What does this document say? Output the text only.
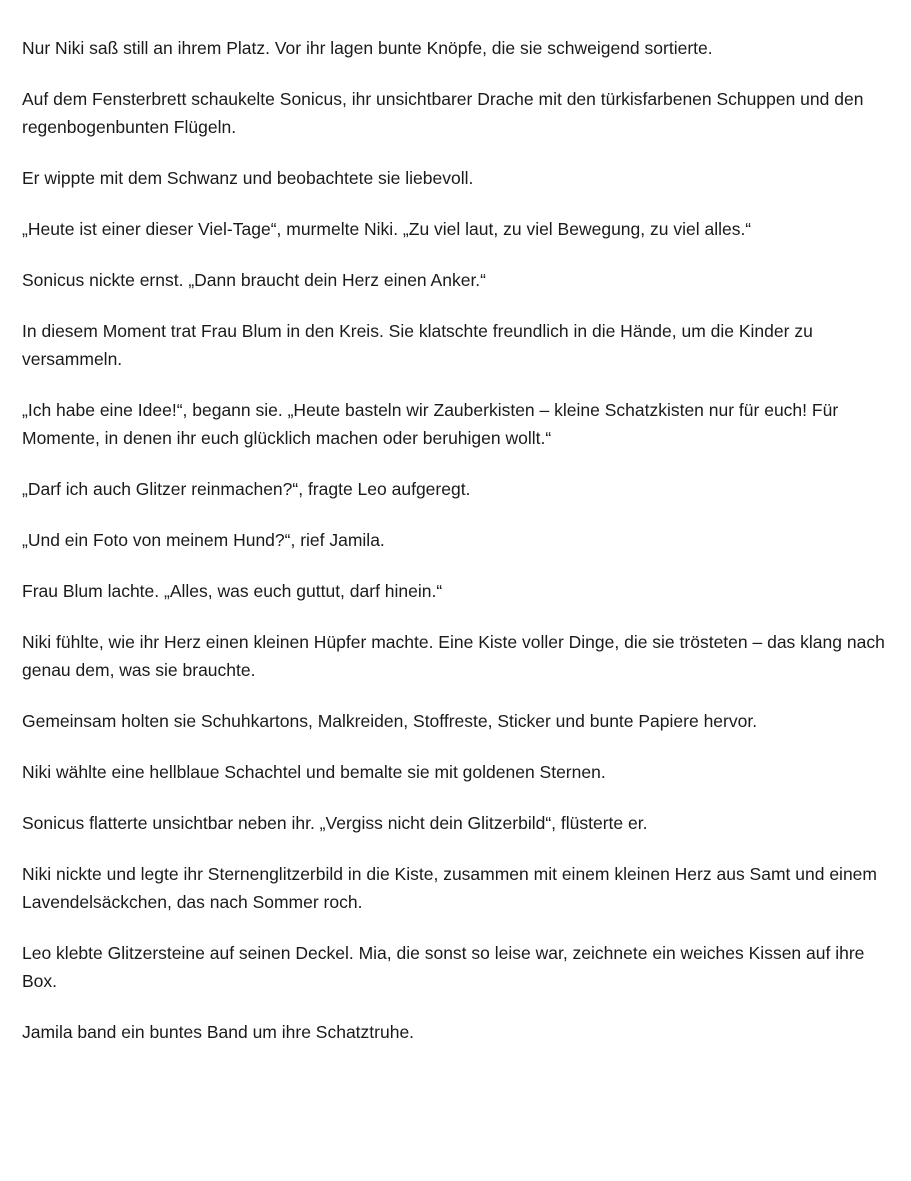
Nur Niki saß still an ihrem Platz. Vor ihr lagen bunte Knöpfe, die sie schweigend sortierte.

Auf dem Fensterbrett schaukelte Sonicus, ihr unsichtbarer Drache mit den türkisfarbenen Schuppen und den regenbogenbunten Flügeln.

Er wippte mit dem Schwanz und beobachtete sie liebevoll.

„Heute ist einer dieser Viel-Tage“, murmelte Niki. „Zu viel laut, zu viel Bewegung, zu viel alles.“

Sonicus nickte ernst. „Dann braucht dein Herz einen Anker.“

In diesem Moment trat Frau Blum in den Kreis. Sie klatschte freundlich in die Hände, um die Kinder zu versammeln.

„Ich habe eine Idee!“, begann sie. „Heute basteln wir Zauberkisten – kleine Schatzkisten nur für euch! Für Momente, in denen ihr euch glücklich machen oder beruhigen wollt.“

„Darf ich auch Glitzer reinmachen?“, fragte Leo aufgeregt.

„Und ein Foto von meinem Hund?“, rief Jamila.

Frau Blum lachte. „Alles, was euch guttut, darf hinein.“

Niki fühlte, wie ihr Herz einen kleinen Hüpfer machte. Eine Kiste voller Dinge, die sie trösteten – das klang nach genau dem, was sie brauchte.

Gemeinsam holten sie Schuhkartons, Malkreiden, Stoffreste, Sticker und bunte Papiere hervor.

Niki wählte eine hellblaue Schachtel und bemalte sie mit goldenen Sternen.

Sonicus flatterte unsichtbar neben ihr. „Vergiss nicht dein Glitzerbild“, flüsterte er.

Niki nickte und legte ihr Sternenglitzerbild in die Kiste, zusammen mit einem kleinen Herz aus Samt und einem Lavendelsäckchen, das nach Sommer roch.

Leo klebte Glitzersteine auf seinen Deckel. Mia, die sonst so leise war, zeichnete ein weiches Kissen auf ihre Box.

Jamila band ein buntes Band um ihre Schatztruhe.
